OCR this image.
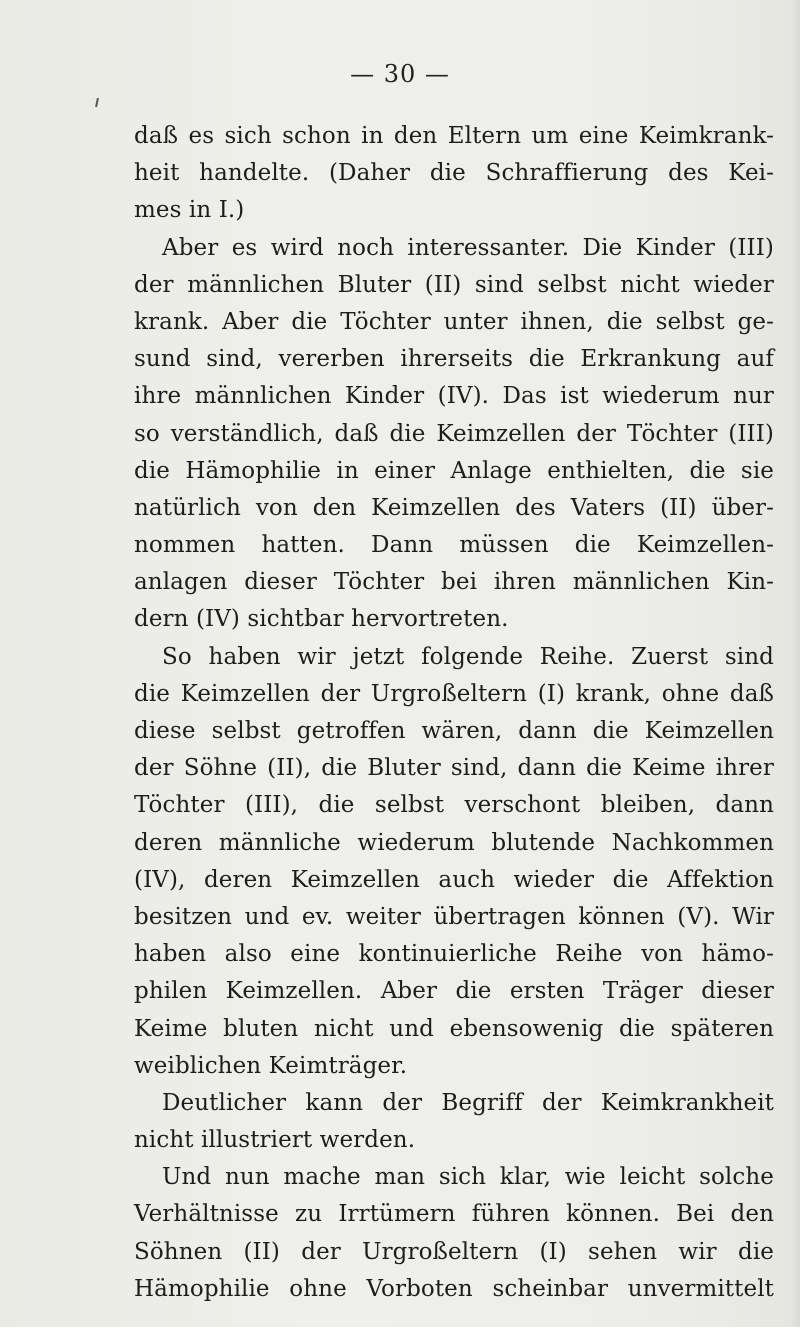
— 30 —
daß es sich schon in den Eltern um eine Keimkrank-
heit handelte. (Daher die Schraffierung des Kei-
mes in I.)
Aber es wird noch interessanter. Die Kinder (III)
der männlichen Bluter (II) sind selbst nicht wieder
krank. Aber die Töchter unter ihnen, die selbst ge-
sund sind, vererben ihrerseits die Erkrankung auf
ihre männlichen Kinder (IV). Das ist wiederum nur
so verständlich, daß die Keimzellen der Töchter (III)
die Hämophilie in einer Anlage enthielten, die sie
natürlich von den Keimzellen des Vaters (II) über-
nommen hatten. Dann müssen die Keimzellen-
anlagen dieser Töchter bei ihren männlichen Kin-
dern (IV) sichtbar hervortreten.
So haben wir jetzt folgende Reihe. Zuerst sind
die Keimzellen der Urgroßeltern (I) krank, ohne daß
diese selbst getroffen wären, dann die Keimzellen
der Söhne (II), die Bluter sind, dann die Keime ihrer
Töchter (III), die selbst verschont bleiben, dann
deren männliche wiederum blutende Nachkommen
(IV), deren Keimzellen auch wieder die Affektion
besitzen und ev. weiter übertragen können (V). Wir
haben also eine kontinuierliche Reihe von hämo-
philen Keimzellen. Aber die ersten Träger dieser
Keime bluten nicht und ebensowenig die späteren
weiblichen Keimträger.
Deutlicher kann der Begriff der Keimkrankheit
nicht illustriert werden.
Und nun mache man sich klar, wie leicht solche
Verhältnisse zu Irrtümern führen können. Bei den
Söhnen (II) der Urgroßeltern (I) sehen wir die
Hämophilie ohne Vorboten scheinbar unvermittelt
